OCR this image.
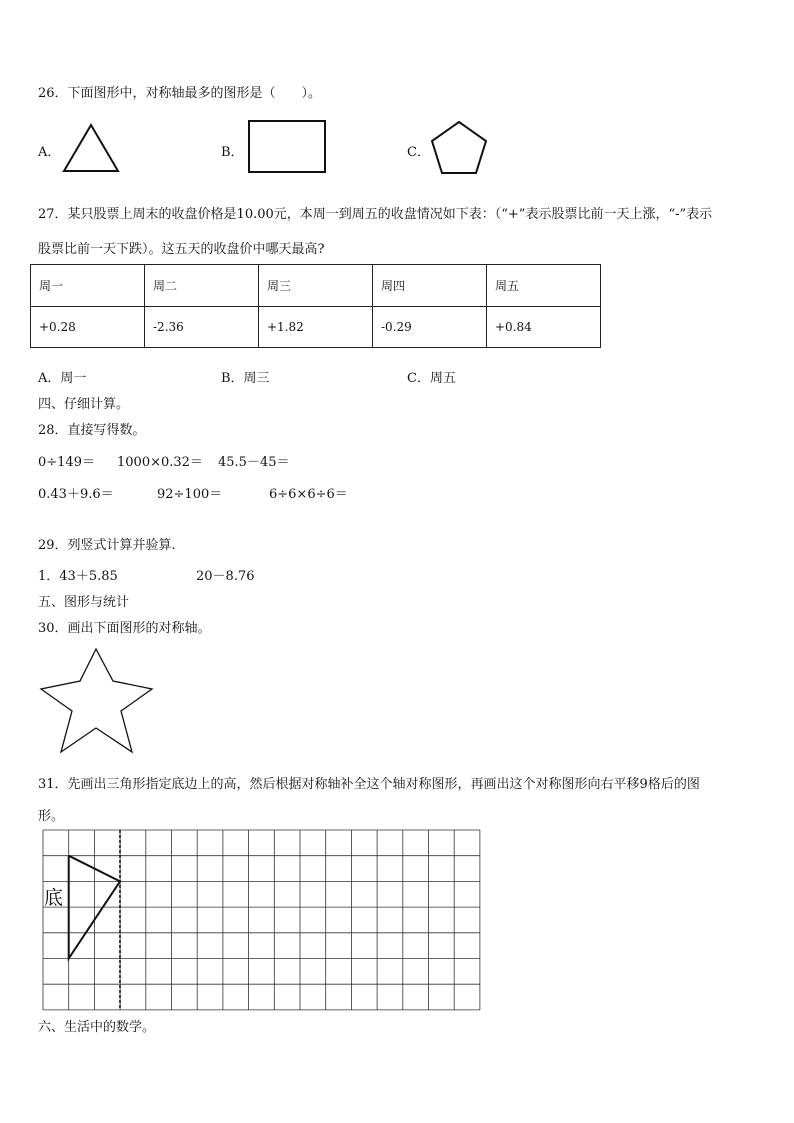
26．下面图形中，对称轴最多的图形是（　　）。
A．	B．	C．
27．某只股票上周末的收盘价格是10.00元，本周一到周五的收盘情况如下表：（“+”表示股票比前一天上涨，“-”表示
股票比前一天下跌）。这五天的收盘价中哪天最高?
周一	周二	周三	周四	周五
+0.28	-2.36	+1.82	-0.29	+0.84
A．周一	B．周三	C．周五
四、仔细计算。
28．直接写得数。
0÷149＝ 1000×0.32＝ 45.5－45＝
0.43＋9.6＝	92÷100＝	6÷6×6÷6＝
29．列竖式计算并验算.
1．43＋5.85	20－8.76
五、图形与统计
30．画出下面图形的对称轴。
31．先画出三角形指定底边上的高，然后根据对称轴补全这个轴对称图形，再画出这个对称图形向右平移9格后的图
形。
底
六、生活中的数学。
